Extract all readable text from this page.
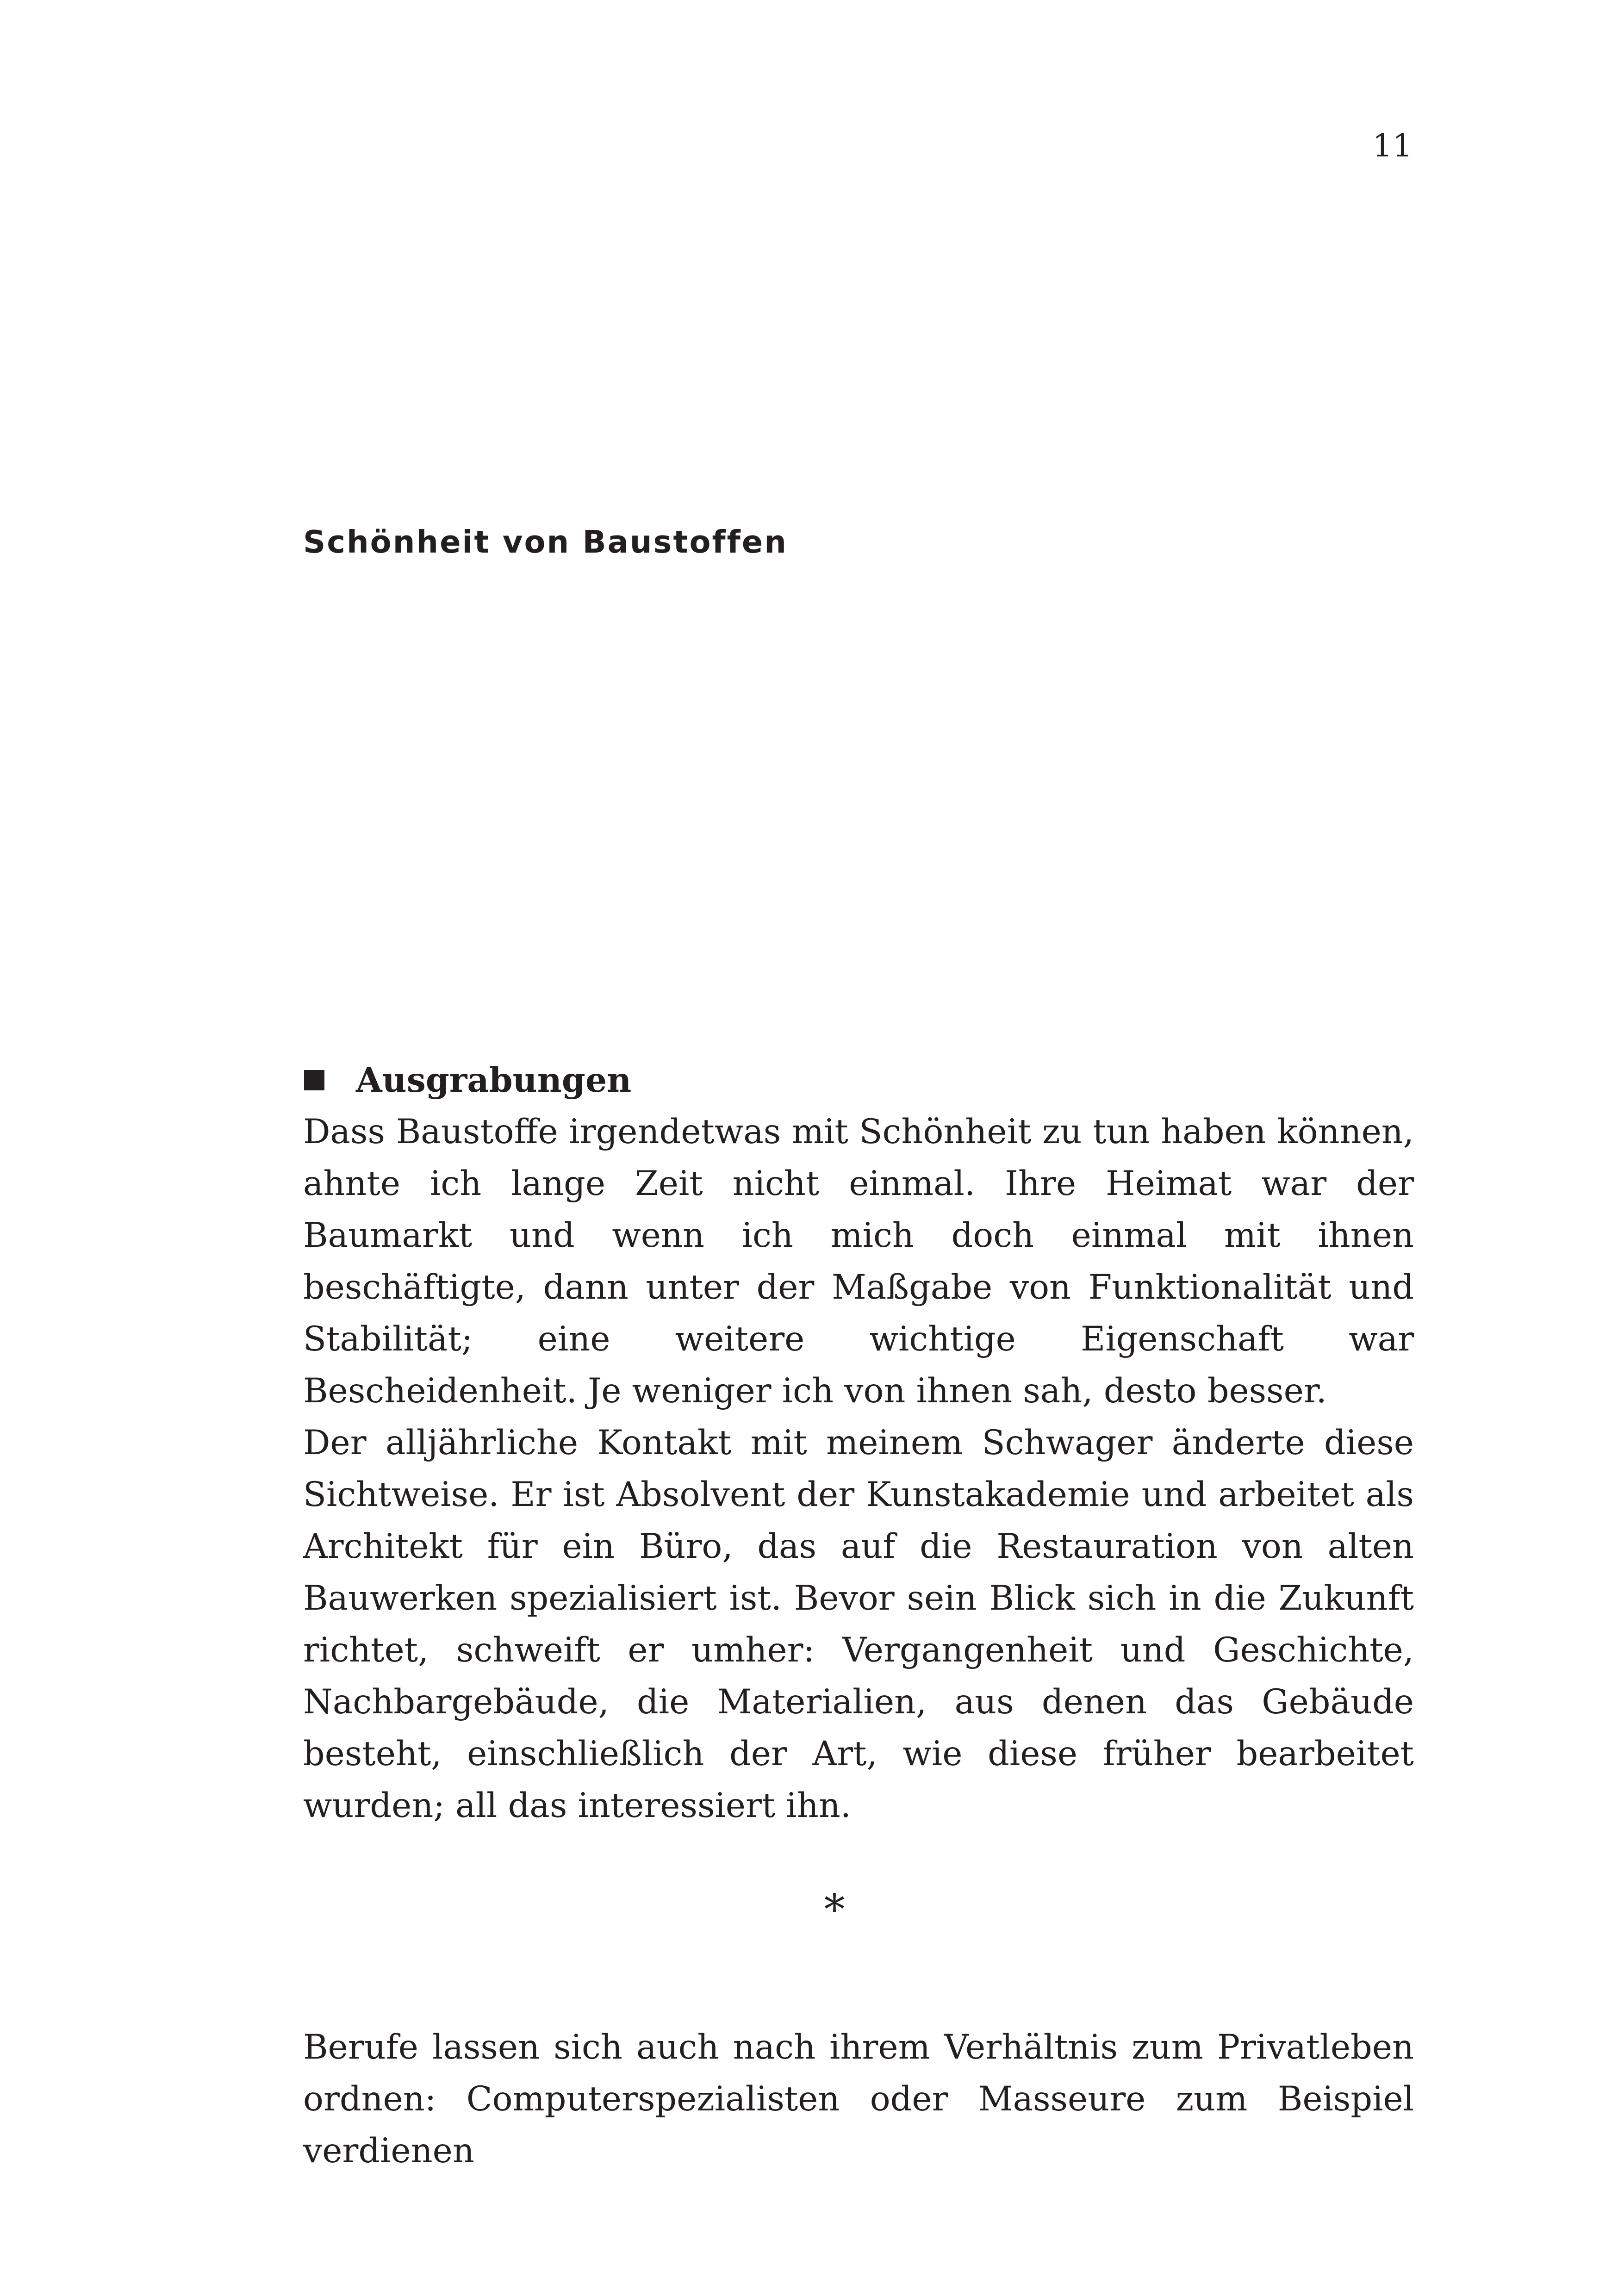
11
Schönheit von Baustoffen
Ausgrabungen

Dass Baustoffe irgendetwas mit Schönheit zu tun haben können, ahnte ich lange Zeit nicht einmal. Ihre Heimat war der Baumarkt und wenn ich mich doch einmal mit ihnen beschäftigte, dann unter der Maßgabe von Funktionalität und Stabilität; eine weitere wichtige Eigenschaft war Bescheidenheit. Je weniger ich von ihnen sah, desto besser.

Der alljährliche Kontakt mit meinem Schwager änderte diese Sichtweise. Er ist Absolvent der Kunstakademie und arbeitet als Architekt für ein Büro, das auf die Restauration von alten Bauwerken spezialisiert ist. Bevor sein Blick sich in die Zukunft richtet, schweift er umher: Vergangenheit und Geschichte, Nachbargebäude, die Materialien, aus denen das Gebäude besteht, einschließlich der Art, wie diese früher bearbeitet wurden; all das interessiert ihn.

*

Berufe lassen sich auch nach ihrem Verhältnis zum Privatleben ordnen: Computerspezialisten oder Masseure zum Beispiel verdienen
